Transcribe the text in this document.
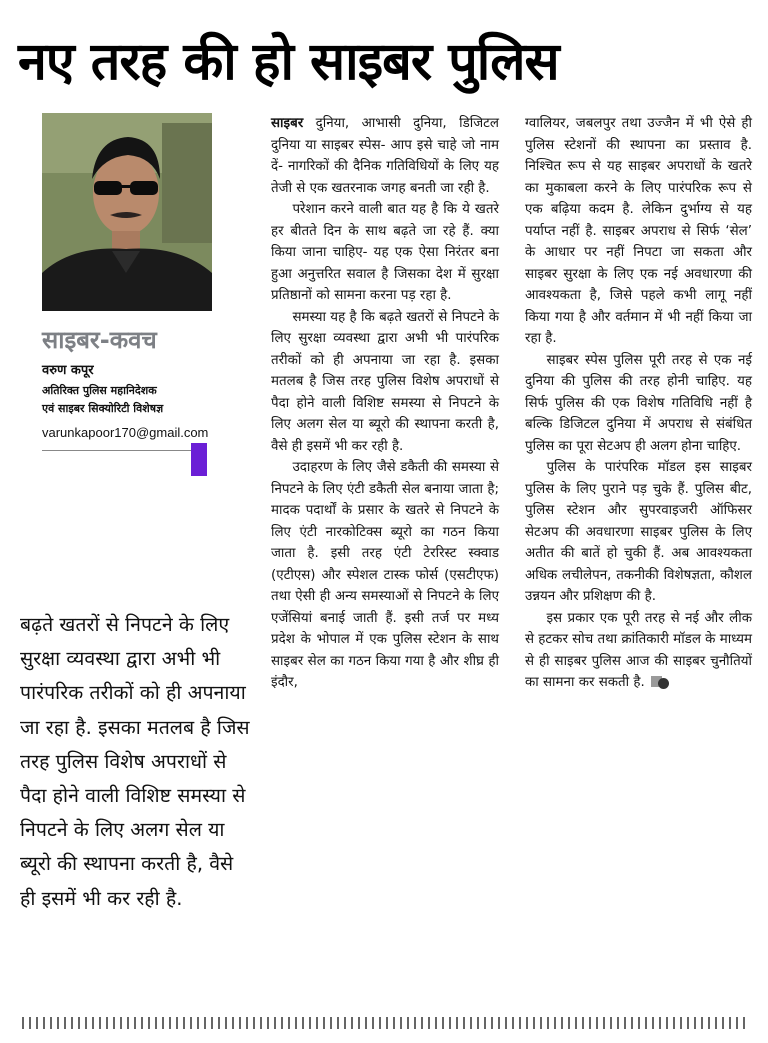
नए तरह की हो साइबर पुलिस
साइबर-कवच
वरुण कपूर
अतिरिक्त पुलिस महानिदेशक
एवं साइबर सिक्योरिटी विशेषज्ञ
varunkapoor170@gmail.com

बढ़ते खतरों से निपटने के लिए सुरक्षा व्यवस्था द्वारा अभी भी पारंपरिक तरीकों को ही अपनाया जा रहा है. इसका मतलब है जिस तरह पुलिस विशेष अपराधों से पैदा होने वाली विशिष्ट समस्या से निपटने के लिए अलग सेल या ब्यूरो की स्थापना करती है, वैसे ही इसमें भी कर रही है.

साइबर दुनिया, आभासी दुनिया, डिजिटल दुनिया या साइबर स्पेस- आप इसे चाहे जो नाम दें- नागरिकों की दैनिक गतिविधियों के लिए यह तेजी से एक खतरनाक जगह बनती जा रही है.

परेशान करने वाली बात यह है कि ये खतरे हर बीतते दिन के साथ बढ़ते जा रहे हैं. क्या किया जाना चाहिए- यह एक ऐसा निरंतर बना हुआ अनुत्तरित सवाल है जिसका देश में सुरक्षा प्रतिष्ठानों को सामना करना पड़ रहा है.

समस्या यह है कि बढ़ते खतरों से निपटने के लिए सुरक्षा व्यवस्था द्वारा अभी भी पारंपरिक तरीकों को ही अपनाया जा रहा है. इसका मतलब है जिस तरह पुलिस विशेष अपराधों से पैदा होने वाली विशिष्ट समस्या से निपटने के लिए अलग सेल या ब्यूरो की स्थापना करती है, वैसे ही इसमें भी कर रही है.

उदाहरण के लिए जैसे डकैती की समस्या से निपटने के लिए एंटी डकैती सेल बनाया जाता है; मादक पदार्थों के प्रसार के खतरे से निपटने के लिए एंटी नारकोटिक्स ब्यूरो का गठन किया जाता है. इसी तरह एंटी टेररिस्ट स्क्वाड (एटीएस) और स्पेशल टास्क फोर्स (एसटीएफ) तथा ऐसी ही अन्य समस्याओं से निपटने के लिए एजेंसियां बनाई जाती हैं. इसी तर्ज पर मध्य प्रदेश के भोपाल में एक पुलिस स्टेशन के साथ साइबर सेल का गठन किया गया है और शीघ्र ही इंदौर,

ग्वालियर, जबलपुर तथा उज्जैन में भी ऐसे ही पुलिस स्टेशनों की स्थापना का प्रस्ताव है. निश्चित रूप से यह साइबर अपराधों के खतरे का मुकाबला करने के लिए पारंपरिक रूप से एक बढ़िया कदम है. लेकिन दुर्भाग्य से यह पर्याप्त नहीं है. साइबर अपराध से सिर्फ ‘सेल’ के आधार पर नहीं निपटा जा सकता और साइबर सुरक्षा के लिए एक नई अवधारणा की आवश्यकता है, जिसे पहले कभी लागू नहीं किया गया है और वर्तमान में भी नहीं किया जा रहा है.

साइबर स्पेस पुलिस पूरी तरह से एक नई दुनिया की पुलिस की तरह होनी चाहिए. यह सिर्फ पुलिस की एक विशेष गतिविधि नहीं है बल्कि डिजिटल दुनिया में अपराध से संबंधित पुलिस का पूरा सेटअप ही अलग होना चाहिए.

पुलिस के पारंपरिक मॉडल इस साइबर पुलिस के लिए पुराने पड़ चुके हैं. पुलिस बीट, पुलिस स्टेशन और सुपरवाइजरी ऑफिसर सेटअप की अवधारणा साइबर पुलिस के लिए अतीत की बातें हो चुकी हैं. अब आवश्यकता अधिक लचीलेपन, तकनीकी विशेषज्ञता, कौशल उन्नयन और प्रशिक्षण की है.

इस प्रकार एक पूरी तरह से नई और लीक से हटकर सोच तथा क्रांतिकारी मॉडल के माध्यम से ही साइबर पुलिस आज की साइबर चुनौतियों का सामना कर सकती है.
